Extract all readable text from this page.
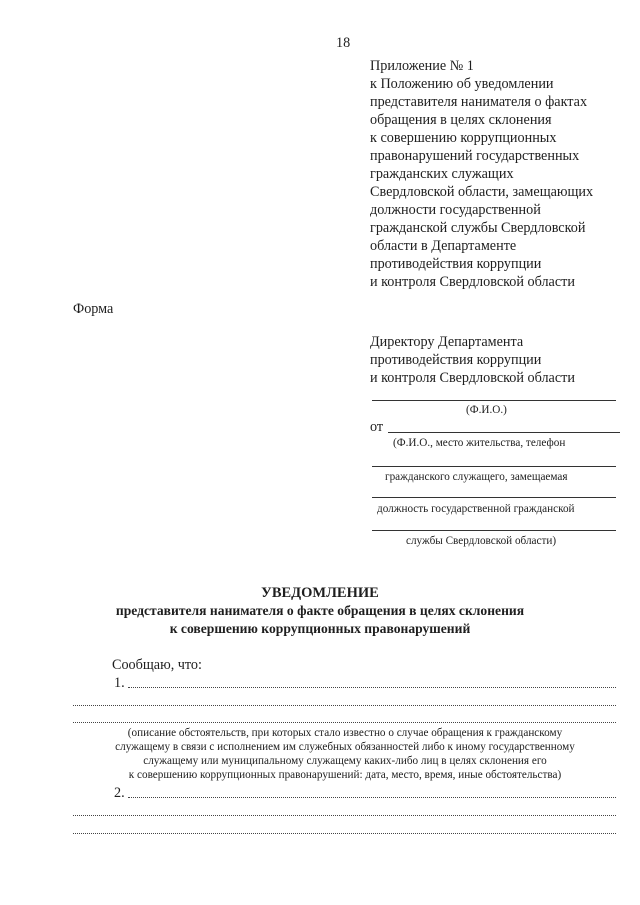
18
Приложение № 1
к Положению об уведомлении
представителя нанимателя о фактах
обращения в целях склонения
к совершению коррупционных
правонарушений государственных
гражданских служащих
Свердловской области, замещающих
должности государственной
гражданской службы Свердловской
области в Департаменте
противодействия коррупции
и контроля Свердловской области
Форма
Директору Департамента
противодействия коррупции
и контроля Свердловской области
(Ф.И.О.)
от
(Ф.И.О., место жительства, телефон
гражданского служащего, замещаемая
должность государственной гражданской
службы Свердловской области)
УВЕДОМЛЕНИЕ
представителя нанимателя о факте обращения в целях склонения
к совершению коррупционных правонарушений
Сообщаю, что:
1.
(описание обстоятельств, при которых стало известно о случае обращения к гражданскому
служащему в связи с исполнением им служебных обязанностей либо к иному государственному
служащему или муниципальному служащему каких-либо лиц в целях склонения его
к совершению коррупционных правонарушений: дата, место, время, иные обстоятельства)
2.
